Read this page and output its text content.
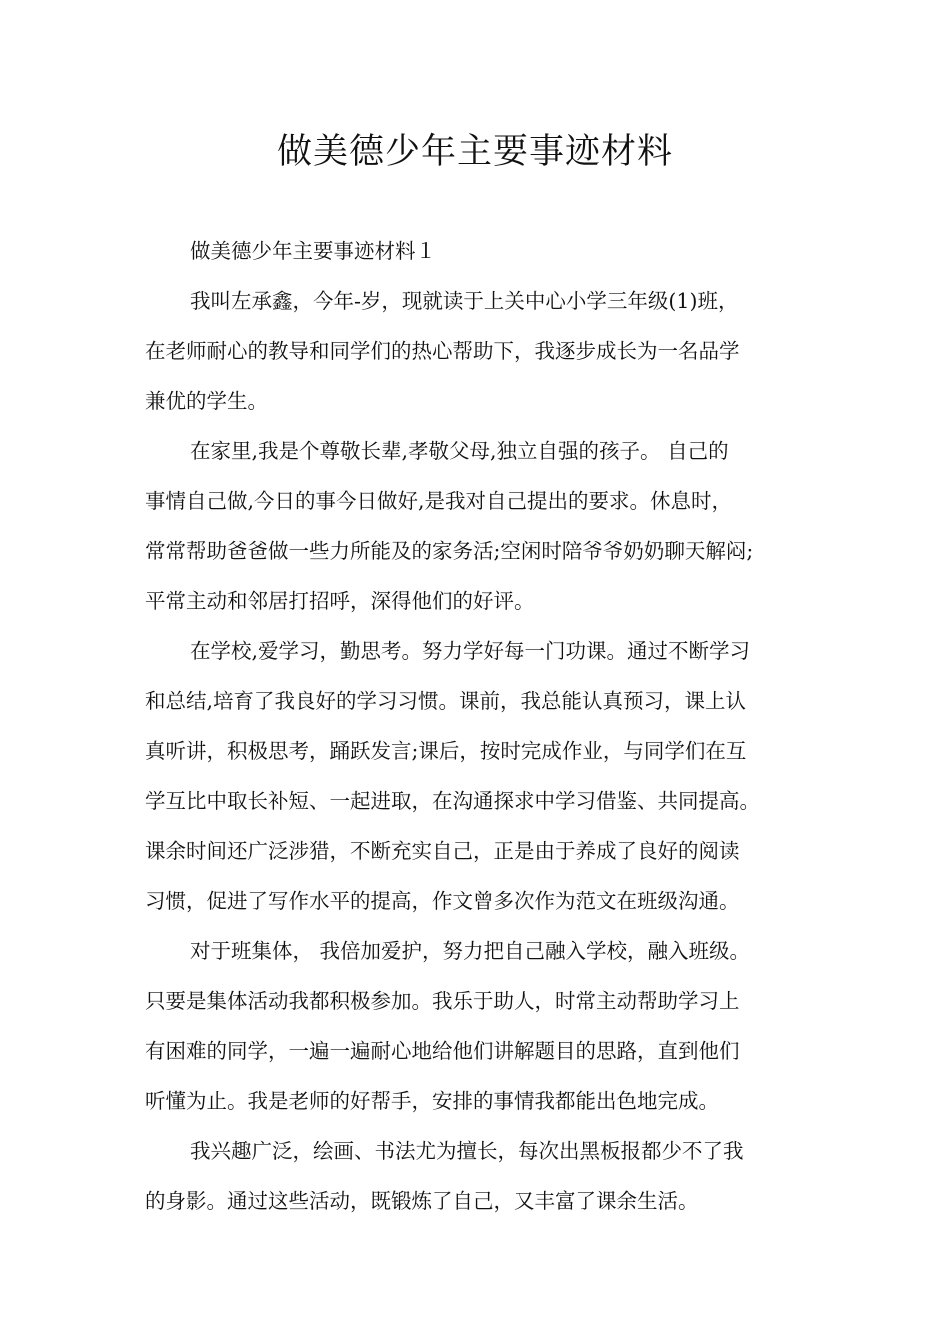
做美德少年主要事迹材料

做美德少年主要事迹材料１

我叫左承鑫，今年-岁，现就读于上关中心小学三年级(1)班，
在老师耐心的教导和同学们的热心帮助下，我逐步成长为一名品学
兼优的学生。

在家里,我是个尊敬长辈,孝敬父母,独立自强的孩子。 自己的
事情自己做,今日的事今日做好,是我对自己提出的要求。休息时，
常常帮助爸爸做一些力所能及的家务活;空闲时陪爷爷奶奶聊天解闷;
平常主动和邻居打招呼，深得他们的好评。

在学校,爱学习，勤思考。努力学好每一门功课。通过不断学习
和总结,培育了我良好的学习习惯。课前，我总能认真预习，课上认
真听讲，积极思考，踊跃发言;课后，按时完成作业，与同学们在互
学互比中取长补短、一起进取，在沟通探求中学习借鉴、共同提高。
课余时间还广泛涉猎，不断充实自己，正是由于养成了良好的阅读
习惯，促进了写作水平的提高，作文曾多次作为范文在班级沟通。

对于班集体， 我倍加爱护，努力把自己融入学校，融入班级。
只要是集体活动我都积极参加。我乐于助人，时常主动帮助学习上
有困难的同学，一遍一遍耐心地给他们讲解题目的思路，直到他们
听懂为止。我是老师的好帮手，安排的事情我都能出色地完成。

我兴趣广泛，绘画、书法尤为擅长，每次出黑板报都少不了我
的身影。通过这些活动，既锻炼了自己，又丰富了课余生活。
